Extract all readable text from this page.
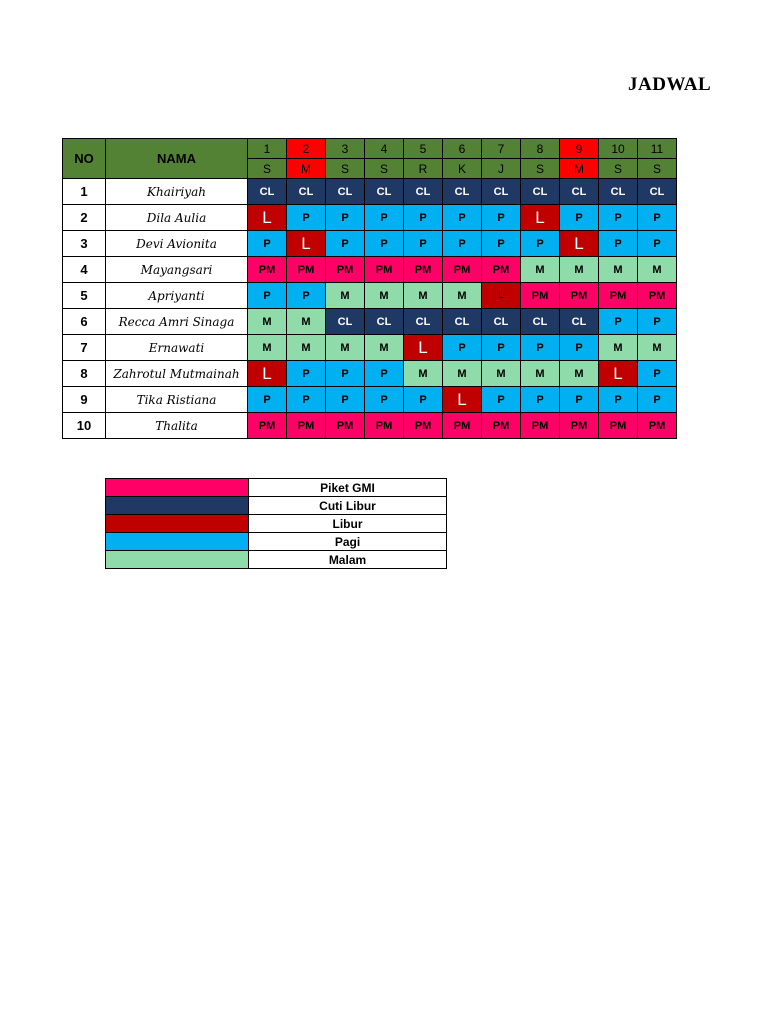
JADWAL
NO	NAMA	1	2	3	4	5	6	7	8	9	10	11
		S	M	S	S	R	K	J	S	M	S	S
1	Khairiyah	CL	CL	CL	CL	CL	CL	CL	CL	CL	CL	CL
2	Dila Aulia	L	P	P	P	P	P	P	L	P	P	P
3	Devi Avionita	P	L	P	P	P	P	P	P	L	P	P
4	Mayangsari	PM	PM	PM	PM	PM	PM	PM	M	M	M	M
5	Apriyanti	P	P	M	M	M	M	L	PM	PM	PM	PM
6	Recca Amri Sinaga	M	M	CL	CL	CL	CL	CL	CL	CL	P	P
7	Ernawati	M	M	M	M	L	P	P	P	P	M	M
8	Zahrotul Mutmainah	L	P	P	P	M	M	M	M	M	L	P
9	Tika Ristiana	P	P	P	P	P	L	P	P	P	P	P
10	Thalita	PM	PM	PM	PM	PM	PM	PM	PM	PM	PM	PM
	Piket GMI
	Cuti Libur
	Libur
	Pagi
	Malam
